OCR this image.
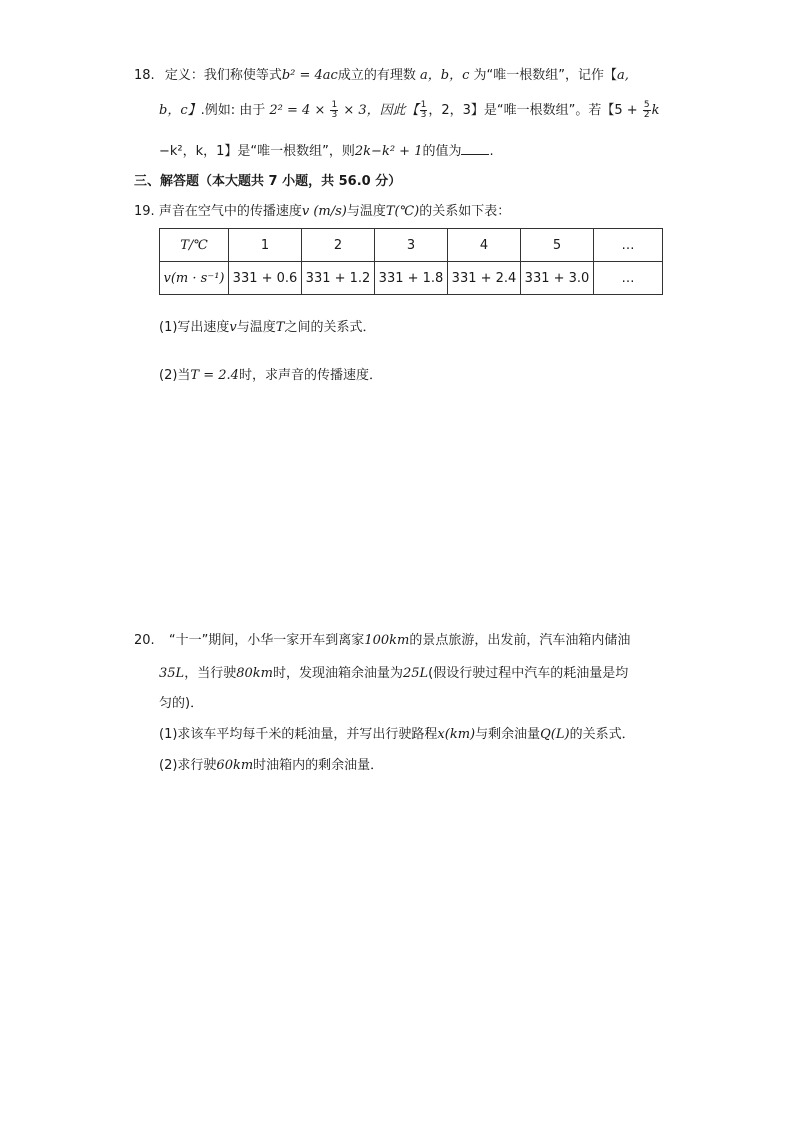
18. 定义：我们称使等式b² = 4ac成立的有理数 a，b，c 为“唯一根数组”，记作【a,
b，c】.例如: 由于 $2^2 = 4 \times \frac{1}{3} \times 3$，因此【 $\frac{1}{3}$ ，2，3】是“唯一根数组”。若【$5 + \frac{5}{2}$ k
−k²，k，1】是“唯一根数组”，则2k−k² + 1的值为 .
三、解答题（本大题共 7 小题，共 56.0 分）
19. 声音在空气中的传播速度v (m/s)与温度T(℃)的关系如下表：
T/℃	1	2	3	4	5	…
v(m · s⁻¹)	331 + 0.6	331 + 1.2	331 + 1.8	331 + 2.4	331 + 3.0	…
(1)写出速度v与温度T之间的关系式．
(2)当T = 2.4时，求声音的传播速度．
20. “十一”期间，小华一家开车到离家100km的景点旅游，出发前，汽车油箱内储油
35L，当行驶80km时，发现油箱余油量为25L(假设行驶过程中汽车的耗油量是均
匀的)．
(1)求该车平均每千米的耗油量，并写出行驶路程x(km)与剩余油量Q(L)的关系式．
(2)求行驶60km时油箱内的剩余油量．
